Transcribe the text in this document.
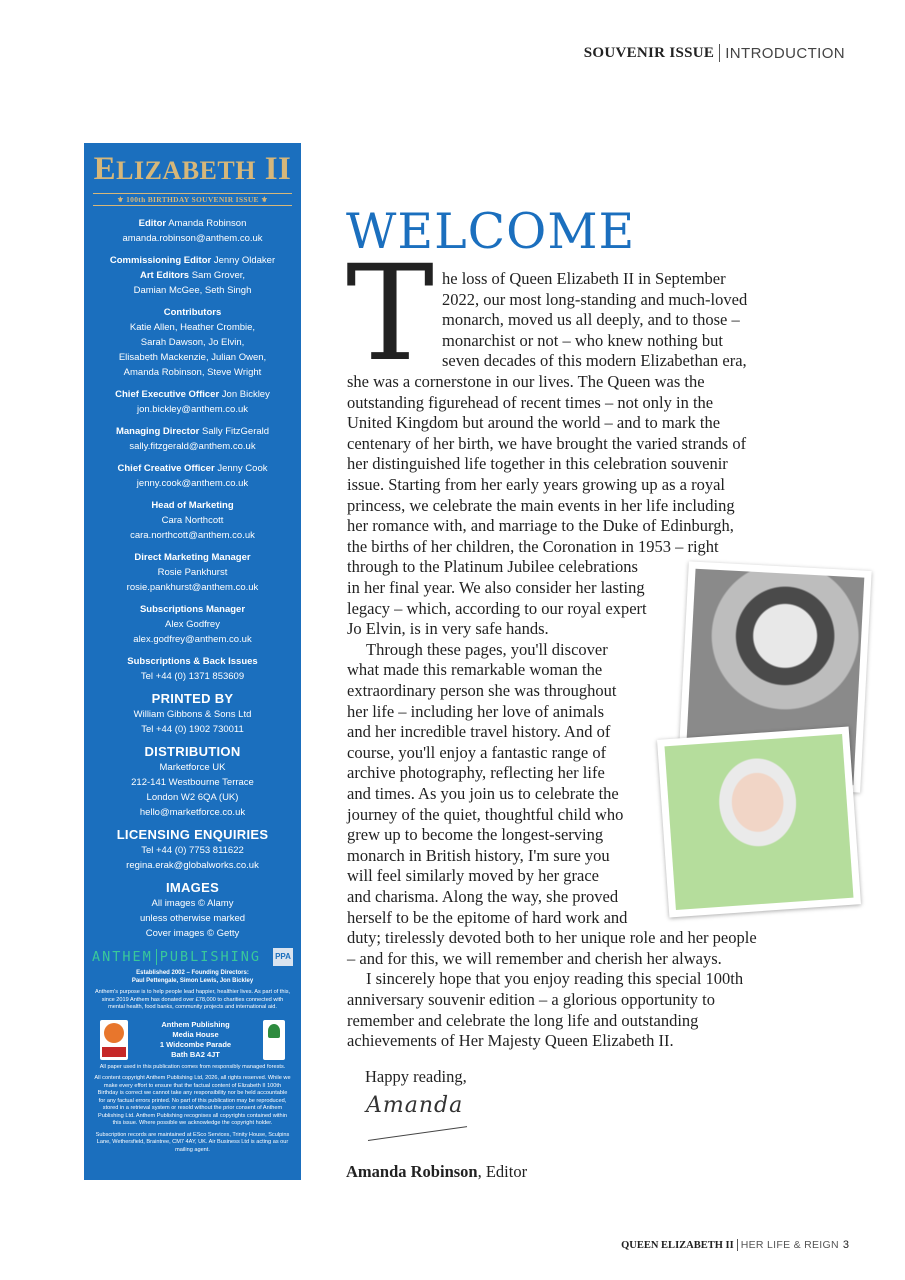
SOUVENIR ISSUE INTRODUCTION
ELIZABETH II
⚜ 100th BIRTHDAY SOUVENIR ISSUE ⚜
Editor Amanda Robinson
amanda.robinson@anthem.co.uk
Commissioning Editor Jenny Oldaker
Art Editors Sam Grover,
Damian McGee, Seth Singh
Contributors
Katie Allen, Heather Crombie,
Sarah Dawson, Jo Elvin,
Elisabeth Mackenzie, Julian Owen,
Amanda Robinson, Steve Wright
Chief Executive Officer Jon Bickley
jon.bickley@anthem.co.uk
Managing Director Sally FitzGerald
sally.fitzgerald@anthem.co.uk
Chief Creative Officer Jenny Cook
jenny.cook@anthem.co.uk
Head of Marketing
Cara Northcott
cara.northcott@anthem.co.uk
Direct Marketing Manager
Rosie Pankhurst
rosie.pankhurst@anthem.co.uk
Subscriptions Manager
Alex Godfrey
alex.godfrey@anthem.co.uk
Subscriptions & Back Issues
Tel +44 (0) 1371 853609
PRINTED BY
William Gibbons & Sons Ltd
Tel +44 (0) 1902 730011
DISTRIBUTION
Marketforce UK
212-141 Westbourne Terrace
London W2 6QA (UK)
hello@marketforce.co.uk
LICENSING ENQUIRIES
Tel +44 (0) 7753 811622
regina.erak@globalworks.co.uk
IMAGES
All images © Alamy
unless otherwise marked
Cover images © Getty
ANTHEM PUBLISHING PPA
Established 2002 – Founding Directors:
Paul Pettengale, Simon Lewis, Jon Bickley
Anthem's purpose is to help people lead happier, healthier lives. As part of this, since 2019 Anthem has donated over £78,000 to charities connected with mental health, food banks, community projects and international aid.
Anthem Publishing
Media House
1 Widcombe Parade
Bath BA2 4JT
All paper used in this publication comes from responsibly managed forests.
All content copyright Anthem Publishing Ltd, 2026, all rights reserved. While we make every effort to ensure that the factual content of Elizabeth II 100th Birthday is correct we cannot take any responsibility nor be held accountable for any factual errors printed. No part of this publication may be reproduced, stored in a retrieval system or resold without the prior consent of Anthem Publishing Ltd. Anthem Publishing recognises all copyrights contained within this issue. Where possible we acknowledge the copyright holder.
Subscription records are maintained at ESco Services, Trinity House, Sculpins Lane, Wethersfield, Braintree, CM7 4AY, UK. Air Business Ltd is acting as our mailing agent.
WELCOME
T he loss of Queen Elizabeth II in September
2022, our most long-standing and much-loved
monarch, moved us all deeply, and to those –
monarchist or not – who knew nothing but
seven decades of this modern Elizabethan era,
she was a cornerstone in our lives. The Queen was the
outstanding figurehead of recent times – not only in the
United Kingdom but around the world – and to mark the
centenary of her birth, we have brought the varied strands of
her distinguished life together in this celebration souvenir
issue. Starting from her early years growing up as a royal
princess, we celebrate the main events in her life including
her romance with, and marriage to the Duke of Edinburgh,
the births of her children, the Coronation in 1953 – right
through to the Platinum Jubilee celebrations
in her final year. We also consider her lasting
legacy – which, according to our royal expert
Jo Elvin, is in very safe hands.
Through these pages, you'll discover
what made this remarkable woman the
extraordinary person she was throughout
her life – including her love of animals
and her incredible travel history. And of
course, you'll enjoy a fantastic range of
archive photography, reflecting her life
and times. As you join us to celebrate the
journey of the quiet, thoughtful child who
grew up to become the longest-serving
monarch in British history, I'm sure you
will feel similarly moved by her grace
and charisma. Along the way, she proved
herself to be the epitome of hard work and
duty; tirelessly devoted both to her unique role and her people
– and for this, we will remember and cherish her always.
I sincerely hope that you enjoy reading this special 100th
anniversary souvenir edition – a glorious opportunity to
remember and celebrate the long life and outstanding
achievements of Her Majesty Queen Elizabeth II.
Happy reading,
Amanda
Amanda Robinson, Editor
QUEEN ELIZABETH II HER LIFE & REIGN 3
